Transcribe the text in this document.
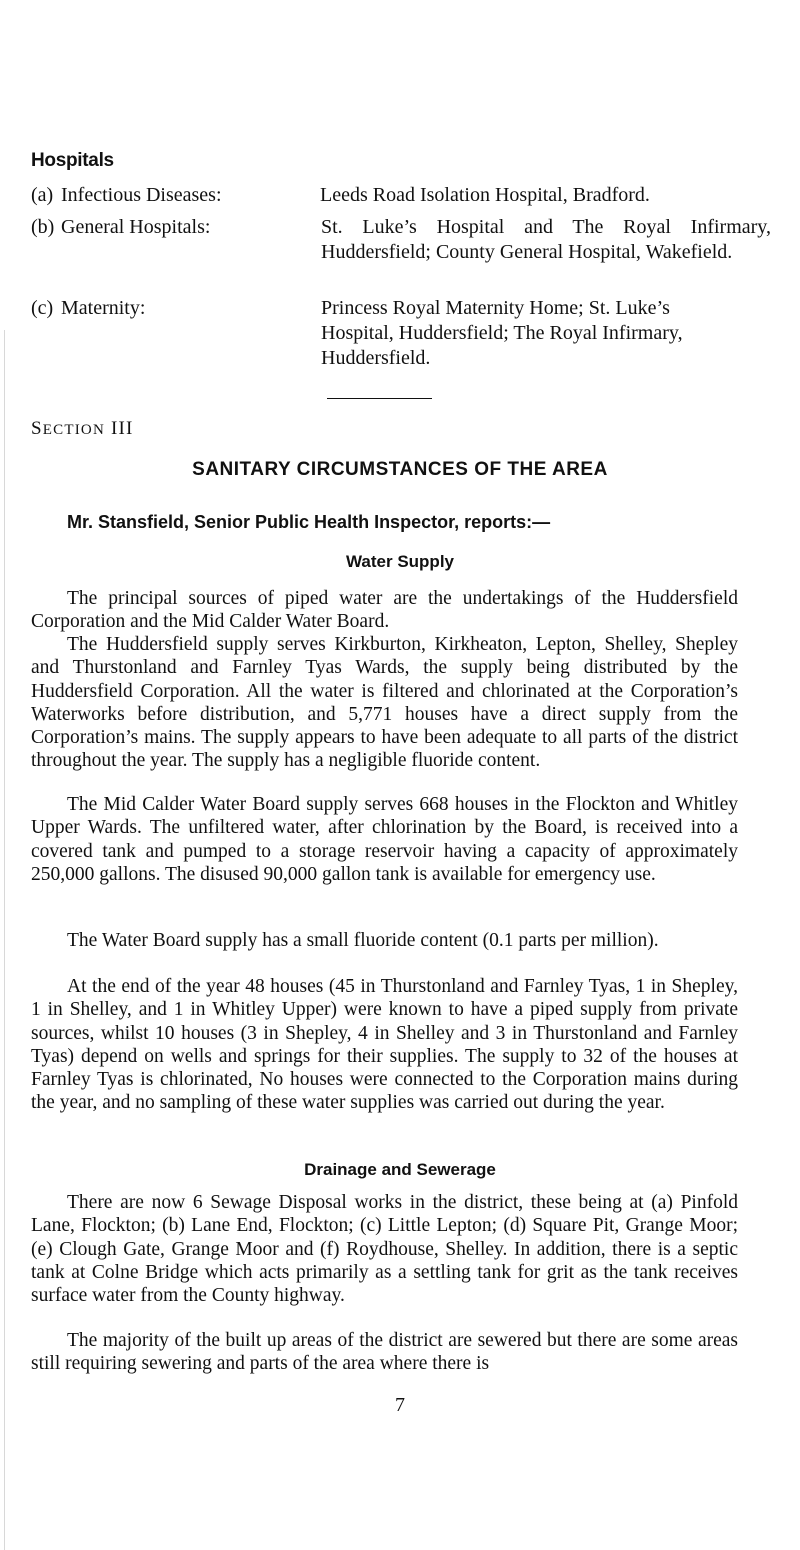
Hospitals
(a) Infectious Diseases:	Leeds Road Isolation Hospital, Bradford.
(b) General Hospitals:	St. Luke’s Hospital and The Royal Infirmary, Huddersfield; County General Hospital, Wakefield.
(c) Maternity:	Princess Royal Maternity Home; St. Luke’s Hospital, Huddersfield; The Royal Infirmary, Huddersfield.
SECTION III
SANITARY CIRCUMSTANCES OF THE AREA
Mr. Stansfield, Senior Public Health Inspector, reports:—
Water Supply
The principal sources of piped water are the undertakings of the Huddersfield Corporation and the Mid Calder Water Board.
The Huddersfield supply serves Kirkburton, Kirkheaton, Lepton, Shelley, Shepley and Thurstonland and Farnley Tyas Wards, the supply being distributed by the Huddersfield Corporation. All the water is filtered and chlorinated at the Corporation’s Waterworks before distribution, and 5,771 houses have a direct supply from the Corporation’s mains. The supply appears to have been adequate to all parts of the district throughout the year. The supply has a negligible fluoride content.
The Mid Calder Water Board supply serves 668 houses in the Flockton and Whitley Upper Wards. The unfiltered water, after chlorination by the Board, is received into a covered tank and pumped to a storage reservoir having a capacity of approximately 250,000 gallons. The disused 90,000 gallon tank is available for emergency use.
The Water Board supply has a small fluoride content (0.1 parts per million).
At the end of the year 48 houses (45 in Thurstonland and Farnley Tyas, 1 in Shepley, 1 in Shelley, and 1 in Whitley Upper) were known to have a piped supply from private sources, whilst 10 houses (3 in Shepley, 4 in Shelley and 3 in Thurstonland and Farnley Tyas) depend on wells and springs for their supplies. The supply to 32 of the houses at Farnley Tyas is chlorinated, No houses were connected to the Corporation mains during the year, and no sampling of these water supplies was carried out during the year.
Drainage and Sewerage
There are now 6 Sewage Disposal works in the district, these being at (a) Pinfold Lane, Flockton; (b) Lane End, Flockton; (c) Little Lepton; (d) Square Pit, Grange Moor; (e) Clough Gate, Grange Moor and (f) Roydhouse, Shelley. In addition, there is a septic tank at Colne Bridge which acts primarily as a settling tank for grit as the tank receives surface water from the County highway.
The majority of the built up areas of the district are sewered but there are some areas still requiring sewering and parts of the area where there is
7
